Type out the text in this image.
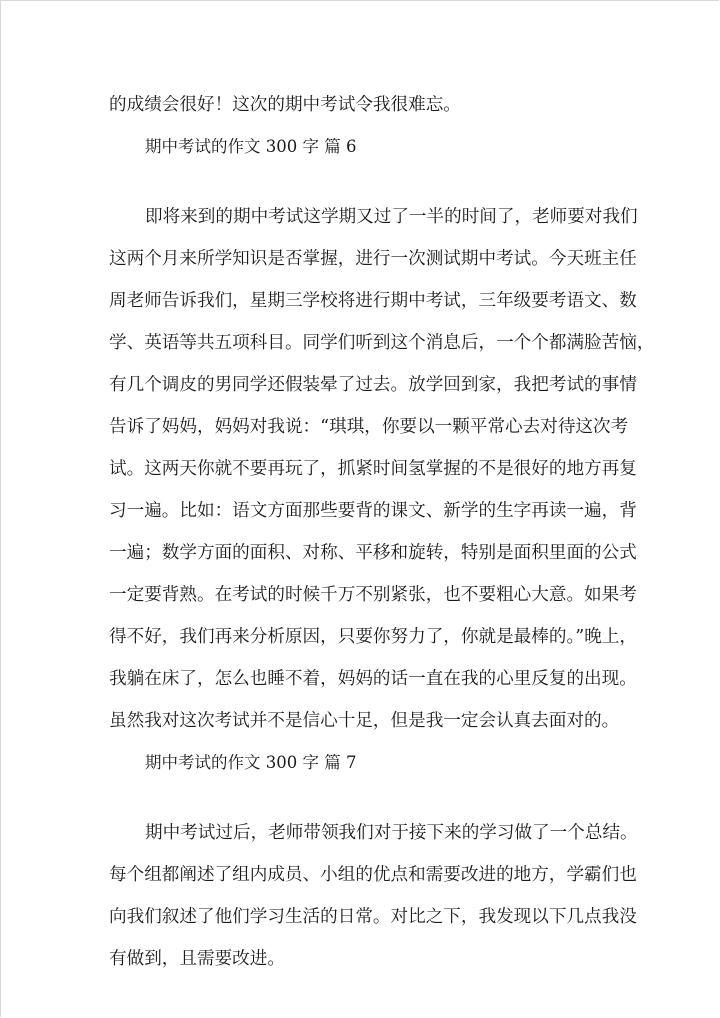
的成绩会很好！这次的期中考试令我很难忘。
期中考试的作文 300 字 篇 6
即将来到的期中考试这学期又过了一半的时间了，老师要对我们
这两个月来所学知识是否掌握，进行一次测试期中考试。今天班主任
周老师告诉我们，星期三学校将进行期中考试，三年级要考语文、数
学、英语等共五项科目。同学们听到这个消息后，一个个都满脸苦恼，
有几个调皮的男同学还假装晕了过去。放学回到家，我把考试的事情
告诉了妈妈，妈妈对我说：“琪琪，你要以一颗平常心去对待这次考
试。这两天你就不要再玩了，抓紧时间氢掌握的不是很好的地方再复
习一遍。比如：语文方面那些要背的课文、新学的生字再读一遍，背
一遍；数学方面的面积、对称、平移和旋转，特别是面积里面的公式
一定要背熟。在考试的时候千万不别紧张，也不要粗心大意。如果考
得不好，我们再来分析原因，只要你努力了，你就是最棒的。”晚上，
我躺在床了，怎么也睡不着，妈妈的话一直在我的心里反复的出现。
虽然我对这次考试并不是信心十足，但是我一定会认真去面对的。
期中考试的作文 300 字 篇 7
期中考试过后，老师带领我们对于接下来的学习做了一个总结。
每个组都阐述了组内成员、小组的优点和需要改进的地方，学霸们也
向我们叙述了他们学习生活的日常。对比之下，我发现以下几点我没
有做到，且需要改进。
